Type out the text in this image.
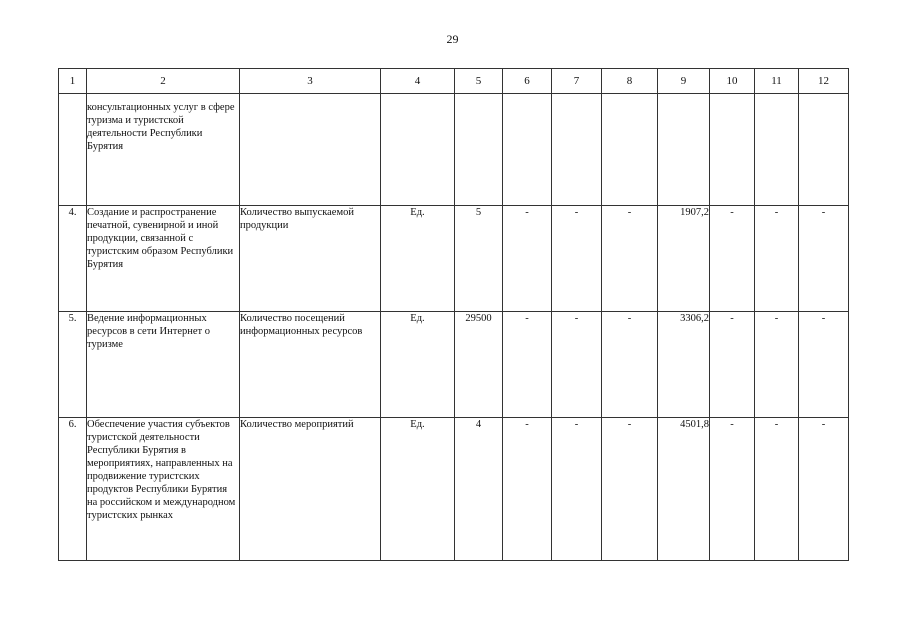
29
1	2	3	4	5	6	7	8	9	10	11	12
	консультационных услуг в сфере туризма и туристской деятельности Республики Бурятия										
4.	Создание и распространение печатной, сувенирной и иной продукции, связанной с туристским образом Республики Бурятия	Количество выпускаемой продукции	Ед.	5	-	-	-	1907,2	-	-	-
5.	Ведение информационных ресурсов в сети Интернет о туризме	Количество посещений информационных ресурсов	Ед.	29500	-	-	-	3306,2	-	-	-
6.	Обеспечение участия субъектов туристской деятельности Республики Бурятия в мероприятиях, направленных на продвижение туристских продуктов Республики Бурятия на российском и международном туристских рынках	Количество мероприятий	Ед.	4	-	-	-	4501,8	-	-	-
